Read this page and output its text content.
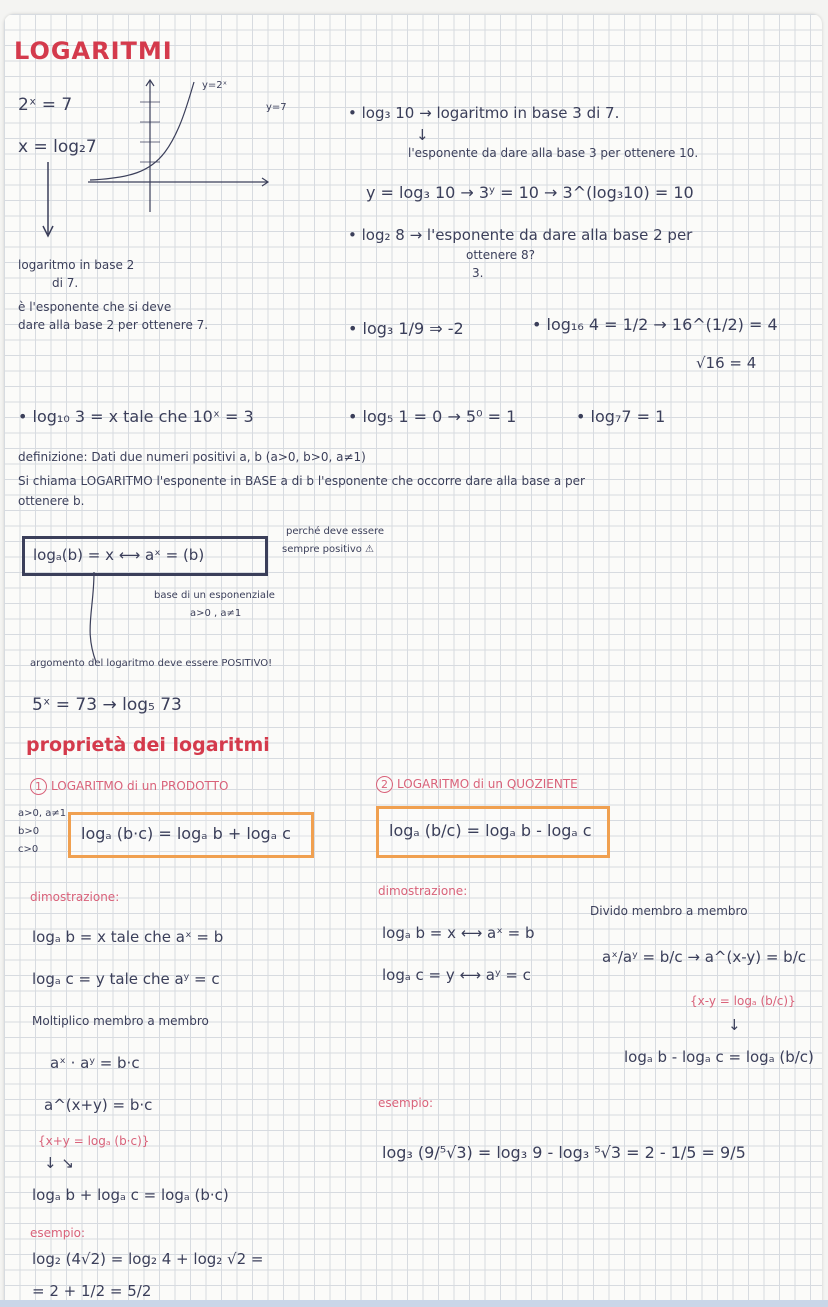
LOGARITMI
2ˣ = 7
x = log₂7
y=2ˣ
y=7
logaritmo in base 2
di 7.
è l'esponente che si deve
dare alla base 2 per ottenere 7.
• log₃ 10 → logaritmo in base 3 di 7.
↓
l'esponente da dare alla base 3 per ottenere 10.
y = log₃ 10 → 3ʸ = 10 → 3^(log₃10) = 10
• log₂ 8 → l'esponente da dare alla base 2 per
ottenere 8?
3.
• log₃ 1/9 ⇒ -2	• log₁₆ 4 = 1/2 → 16^(1/2) = 4
√16 = 4
• log₁₀ 3 = x tale che 10ˣ = 3	• log₅ 1 = 0 → 5⁰ = 1	• log₇7 = 1
definizione: Dati due numeri positivi a, b (a>0, b>0, a≠1)
Si chiama LOGARITMO l'esponente in BASE a di b l'esponente che occorre dare alla base a per
ottenere b.
logₐ(b) = x ⟷ aˣ = (b)
perché deve essere
sempre positivo ⚠
base di un esponenziale
a>0 , a≠1
argomento del logaritmo deve essere POSITIVO!
5ˣ = 73 → log₅ 73
proprietà dei logaritmi
1 LOGARITMO di un PRODOTTO
a>0, a≠1
b>0
c>0
logₐ (b·c) = logₐ b + logₐ c
2 LOGARITMO di un QUOZIENTE
logₐ (b/c) = logₐ b - logₐ c
dimostrazione:
logₐ b = x tale che aˣ = b
logₐ c = y tale che aʸ = c
Moltiplico membro a membro
aˣ · aʸ = b·c
a^(x+y) = b·c
{x+y = logₐ (b·c)}
↓ ↘
logₐ b + logₐ c = logₐ (b·c)
esempio:
log₂ (4√2) = log₂ 4 + log₂ √2 =
= 2 + 1/2 = 5/2
dimostrazione:
logₐ b = x ⟷ aˣ = b
logₐ c = y ⟷ aʸ = c
Divido membro a membro
aˣ/aʸ = b/c → a^(x-y) = b/c
{x-y = logₐ (b/c)}
↓
logₐ b - logₐ c = logₐ (b/c)
esempio:
log₃ (9/⁵√3) = log₃ 9 - log₃ ⁵√3 = 2 - 1/5 = 9/5
